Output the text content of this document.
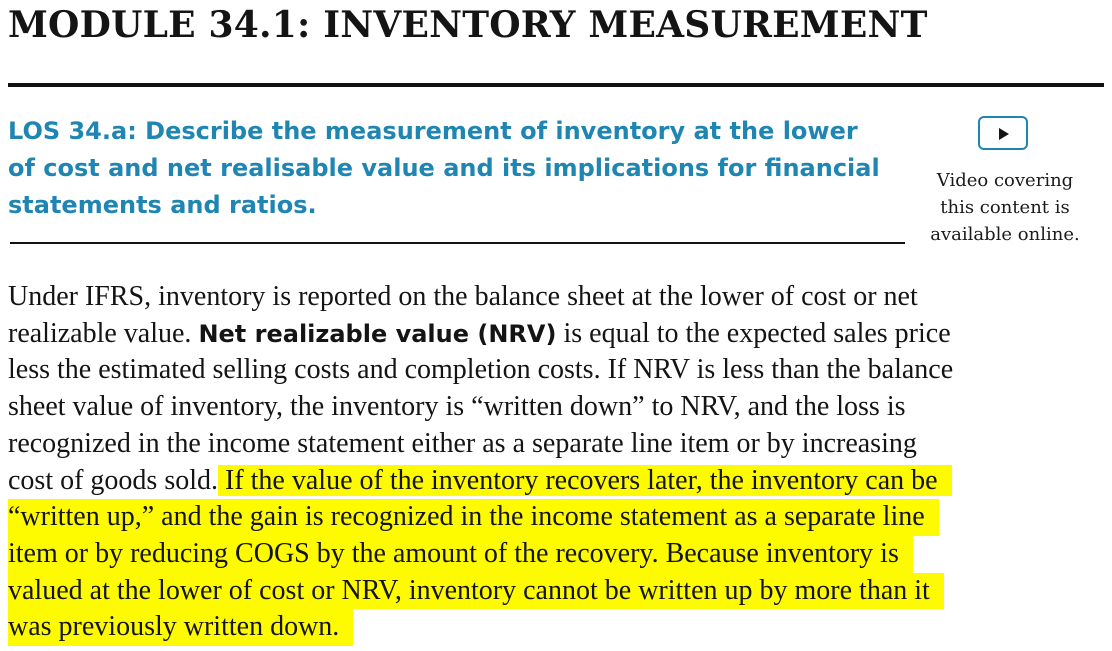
MODULE 34.1: INVENTORY MEASUREMENT
LOS 34.a: Describe the measurement of inventory at the lower
of cost and net realisable value and its implications for financial
statements and ratios.
Video covering
this content is
available online.
Under IFRS, inventory is reported on the balance sheet at the lower of cost or net
realizable value. Net realizable value (NRV) is equal to the expected sales price
less the estimated selling costs and completion costs. If NRV is less than the balance
sheet value of inventory, the inventory is “written down” to NRV, and the loss is
recognized in the income statement either as a separate line item or by increasing
cost of goods sold. If the value of the inventory recovers later, the inventory can be
“written up,” and the gain is recognized in the income statement as a separate line
item or by reducing COGS by the amount of the recovery. Because inventory is
valued at the lower of cost or NRV, inventory cannot be written up by more than it
was previously written down.
